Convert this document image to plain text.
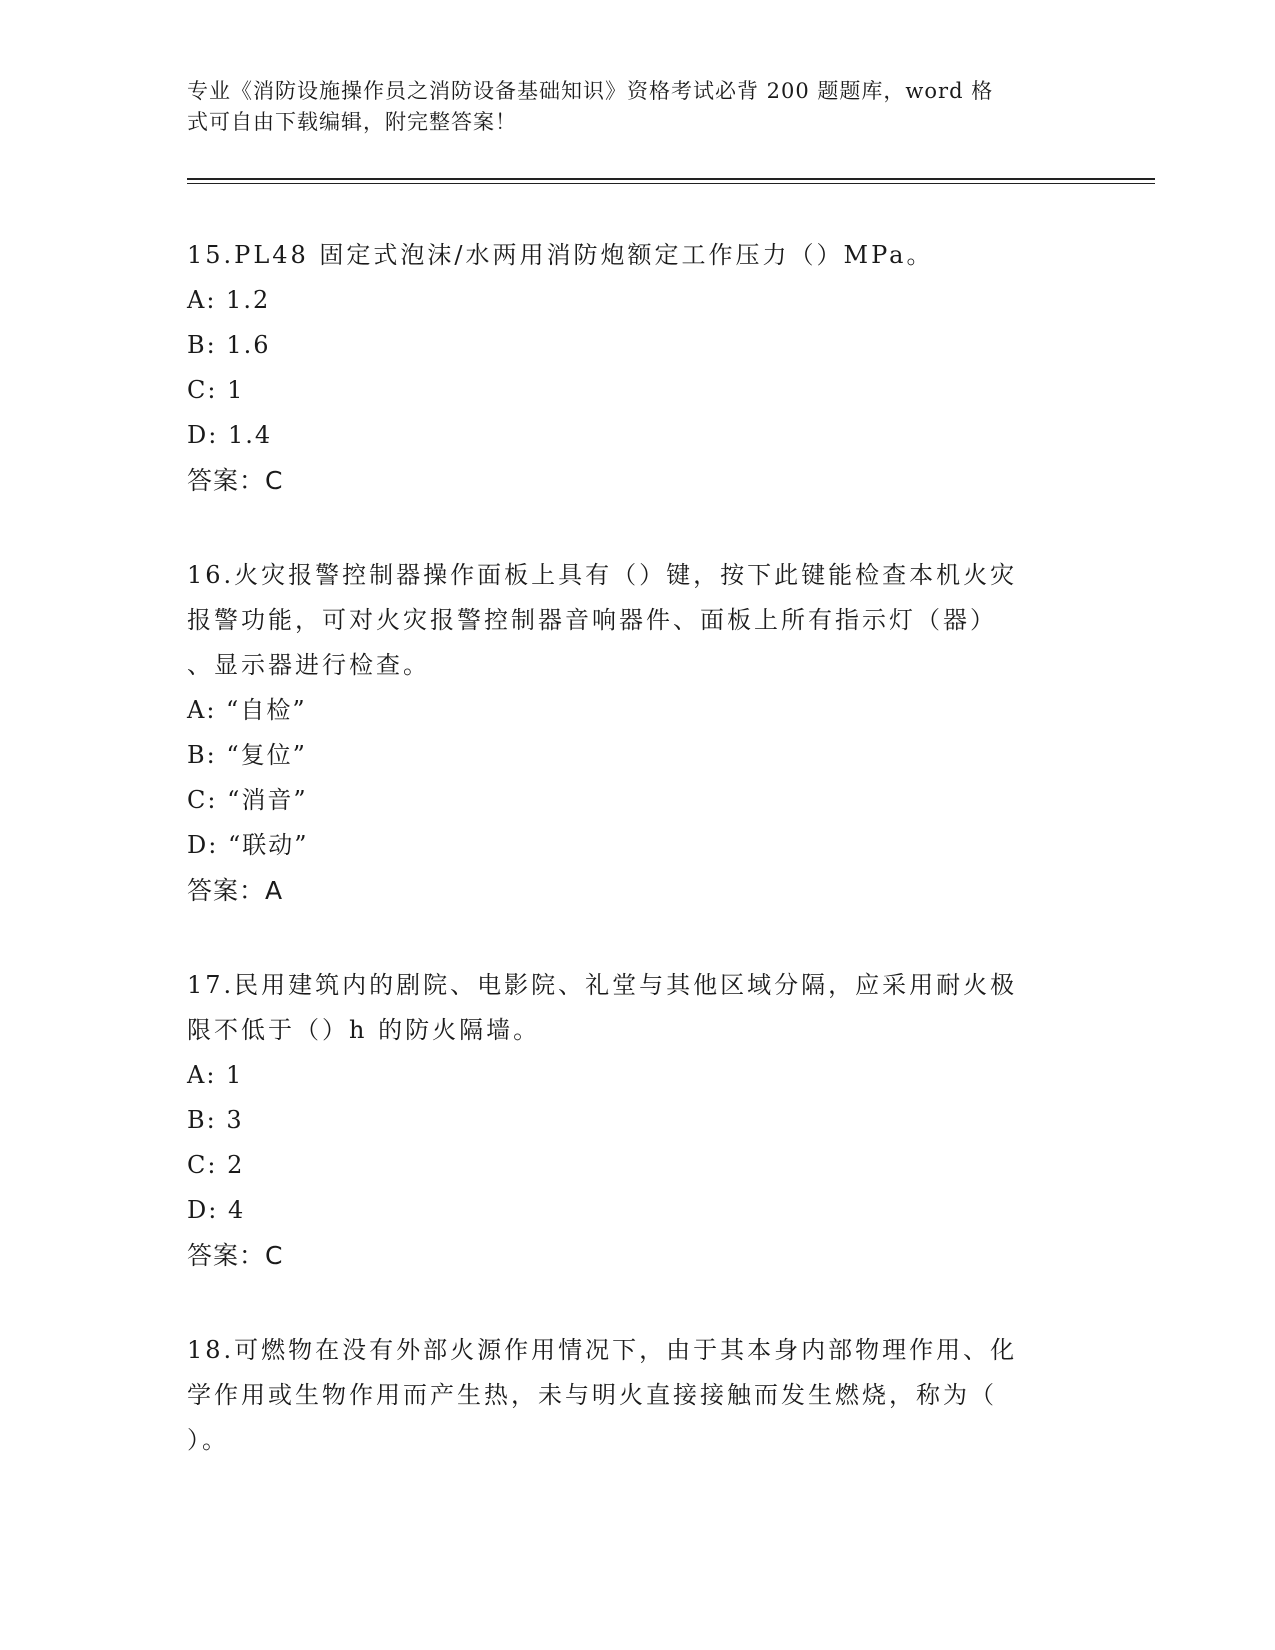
专业《消防设施操作员之消防设备基础知识》资格考试必背 200 题题库，word 格
式可自由下载编辑，附完整答案！

15.PL48 固定式泡沫/水两用消防炮额定工作压力（）MPa。

A: 1.2

B: 1.6

C: 1

D: 1.4

答案：C

16.火灾报警控制器操作面板上具有（）键，按下此键能检查本机火灾

报警功能，可对火灾报警控制器音响器件、面板上所有指示灯（器）

、显示器进行检查。

A: “自检”

B: “复位”

C: “消音”

D: “联动”

答案：A

17.民用建筑内的剧院、电影院、礼堂与其他区域分隔，应采用耐火极

限不低于（）h 的防火隔墙。

A: 1

B: 3

C: 2

D: 4

答案：C

18.可燃物在没有外部火源作用情况下，由于其本身内部物理作用、化

学作用或生物作用而产生热，未与明火直接接触而发生燃烧，称为（

）。
